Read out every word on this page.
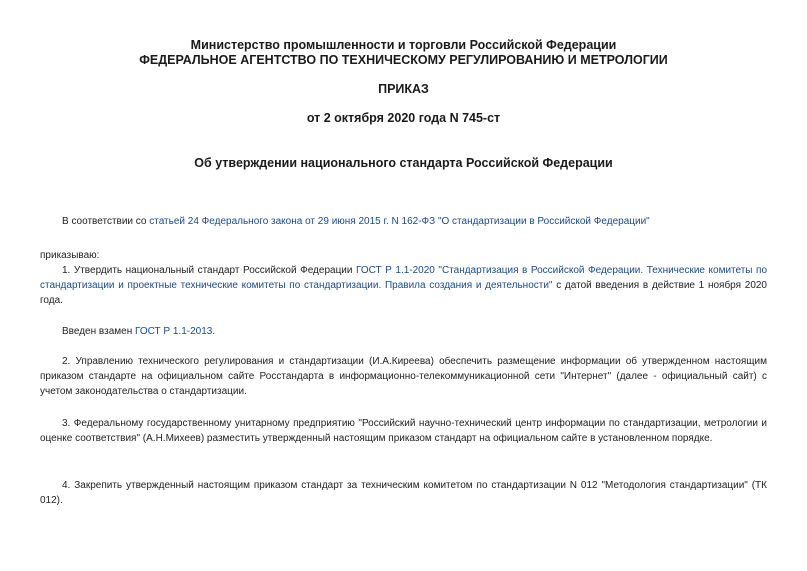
Министерство промышленности и торговли Российской Федерации

ФЕДЕРАЛЬНОЕ АГЕНТСТВО ПО ТЕХНИЧЕСКОМУ РЕГУЛИРОВАНИЮ И МЕТРОЛОГИИ

ПРИКАЗ

от 2 октября 2020 года N 745-ст

Об утверждении национального стандарта Российской Федерации

В соответствии со статьей 24 Федерального закона от 29 июня 2015 г. N 162-ФЗ "О стандартизации в Российской Федерации"

приказываю:

1. Утвердить национальный стандарт Российской Федерации ГОСТ Р 1.1-2020 "Стандартизация в Российской Федерации. Технические комитеты по стандартизации и проектные технические комитеты по стандартизации. Правила создания и деятельности" с датой введения в действие 1 ноября 2020 года.

Введен взамен ГОСТ Р 1.1-2013.

2. Управлению технического регулирования и стандартизации (И.А.Киреева) обеспечить размещение информации об утвержденном настоящим приказом стандарте на официальном сайте Росстандарта в информационно-телекоммуникационной сети "Интернет" (далее - официальный сайт) с учетом законодательства о стандартизации.

3. Федеральному государственному унитарному предприятию "Российский научно-технический центр информации по стандартизации, метрологии и оценке соответствия" (А.Н.Михеев) разместить утвержденный настоящим приказом стандарт на официальном сайте в установленном порядке.

4. Закрепить утвержденный настоящим приказом стандарт за техническим комитетом по стандартизации N 012 "Методология стандартизации" (ТК 012).
